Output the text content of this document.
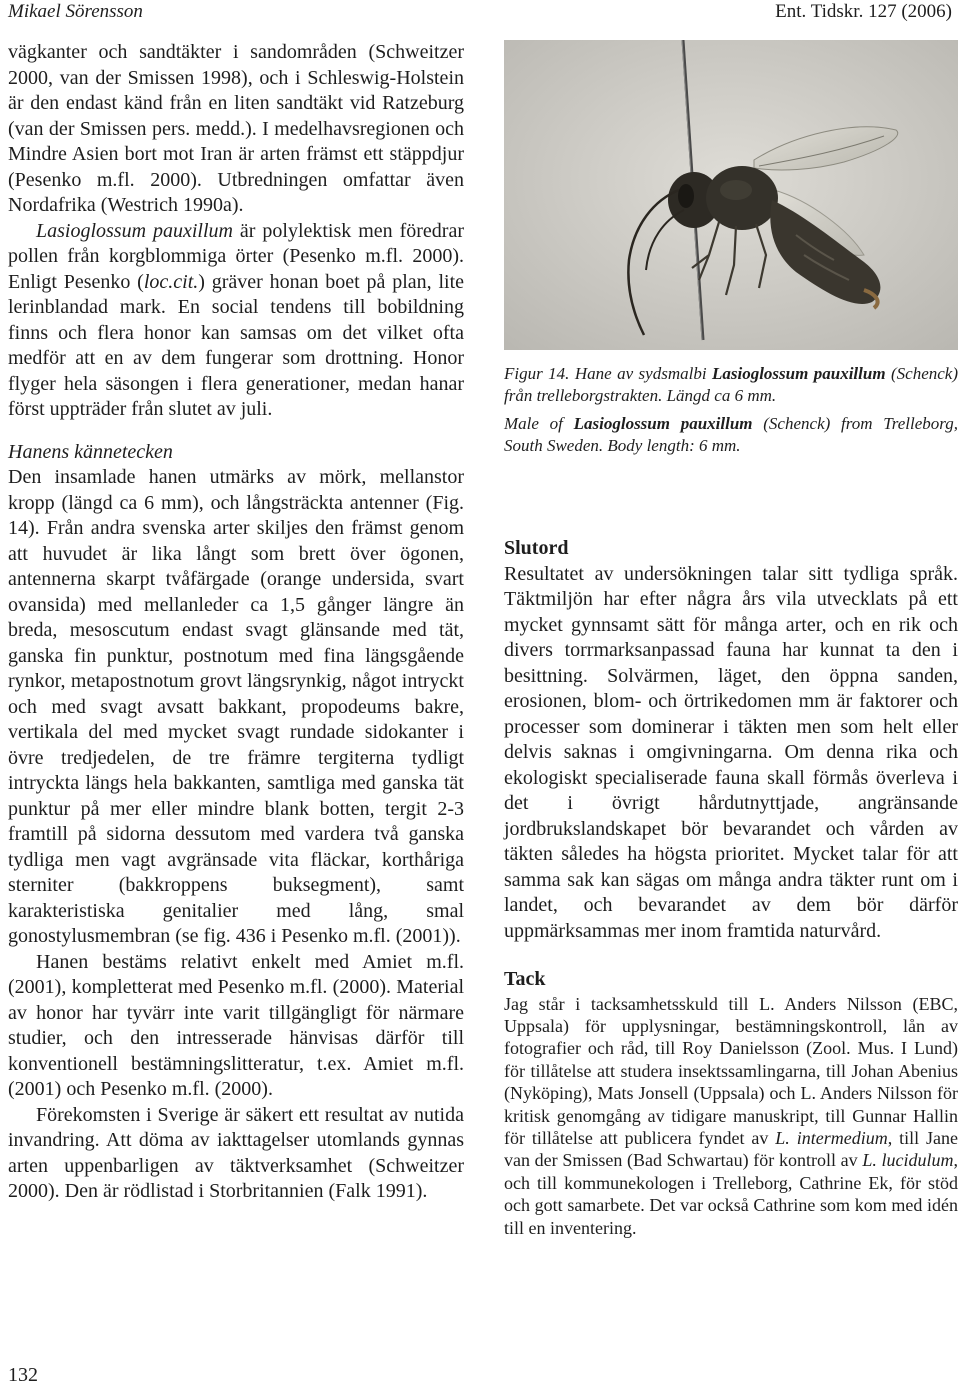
Mikael Sörensson	Ent. Tidskr. 127 (2006)

vägkanter och sandtäkter i sandområden (Schweitzer 2000, van der Smissen 1998), och i Schleswig-Holstein är den endast känd från en liten sandtäkt vid Ratzeburg (van der Smissen pers. medd.). I medelhavsregionen och Mindre Asien bort mot Iran är arten främst ett stäppdjur (Pesenko m.fl. 2000). Utbredningen omfattar även Nordafrika (Westrich 1990a).

Lasioglossum pauxillum är polylektisk men föredrar pollen från korgblommiga örter (Pesenko m.fl. 2000). Enligt Pesenko (loc.cit.) gräver honan boet på plan, lite lerinblandad mark. En social tendens till bobildning finns och flera honor kan samsas om det vilket ofta medför att en av dem fungerar som drottning. Honor flyger hela säsongen i flera generationer, medan hanar först uppträder från slutet av juli.

Hanens kännetecken

Den insamlade hanen utmärks av mörk, mellanstor kropp (längd ca 6 mm), och långsträckta antenner (Fig. 14). Från andra svenska arter skiljes den främst genom att huvudet är lika långt som brett över ögonen, antennerna skarpt tvåfärgade (orange undersida, svart ovansida) med mellanleder ca 1,5 gånger längre än breda, mesoscutum endast svagt glänsande med tät, ganska fin punktur, postnotum med fina längsgående rynkor, metapostnotum grovt längsrynkig, något intryckt och med svagt avsatt bakkant, propodeums bakre, vertikala del med mycket svagt rundade sidokanter i övre tredjedelen, de tre främre tergiterna tydligt intryckta längs hela bakkanten, samtliga med ganska tät punktur på mer eller mindre blank botten, tergit 2-3 framtill på sidorna dessutom med vardera två ganska tydliga men vagt avgränsade vita fläckar, korthåriga sterniter (bakkroppens buksegment), samt karakteristiska genitalier med lång, smal gonostylusmembran (se fig. 436 i Pesenko m.fl. (2001)).

Hanen bestäms relativt enkelt med Amiet m.fl. (2001), kompletterat med Pesenko m.fl. (2000). Material av honor har tyvärr inte varit tillgängligt för närmare studier, och den intresserade hänvisas därför till konventionell bestämningslitteratur, t.ex. Amiet m.fl. (2001) och Pesenko m.fl. (2000).

Förekomsten i Sverige är säkert ett resultat av nutida invandring. Att döma av iakttagelser utomlands gynnas arten uppenbarligen av täktverksamhet (Schweitzer 2000). Den är rödlistad i Storbritannien (Falk 1991).

132

Figur 14. Hane av sydsmalbi Lasioglossum pauxillum (Schenck) från trelleborgstrakten. Längd ca 6 mm.

Male of Lasioglossum pauxillum (Schenck) from Trelleborg, South Sweden. Body length: 6 mm.

Slutord

Resultatet av undersökningen talar sitt tydliga språk. Täktmiljön har efter några års vila utvecklats på ett mycket gynnsamt sätt för många arter, och en rik och divers torrmarksanpassad fauna har kunnat ta den i besittning. Solvärmen, läget, den öppna sanden, erosionen, blom- och örtrikedomen mm är faktorer och processer som dominerar i täkten men som helt eller delvis saknas i omgivningarna. Om denna rika och ekologiskt specialiserade fauna skall förmås överleva i det i övrigt hårdutnyttjade, angränsande jordbrukslandskapet bör bevarandet och vården av täkten således ha högsta prioritet. Mycket talar för att samma sak kan sägas om många andra täkter runt om i landet, och bevarandet av dem bör därför uppmärksammas mer inom framtida naturvård.

Tack

Jag står i tacksamhetsskuld till L. Anders Nilsson (EBC, Uppsala) för upplysningar, bestämningskontroll, lån av fotografier och råd, till Roy Danielsson (Zool. Mus. I Lund) för tillåtelse att studera insektssamlingarna, till Johan Abenius (Nyköping), Mats Jonsell (Uppsala) och L. Anders Nilsson för kritisk genomgång av tidigare manuskript, till Gunnar Hallin för tillåtelse att publicera fyndet av L. intermedium, till Jane van der Smissen (Bad Schwartau) för kontroll av L. lucidulum, och till kommunekologen i Trelleborg, Cathrine Ek, för stöd och gott samarbete. Det var också Cathrine som kom med idén till en inventering.
